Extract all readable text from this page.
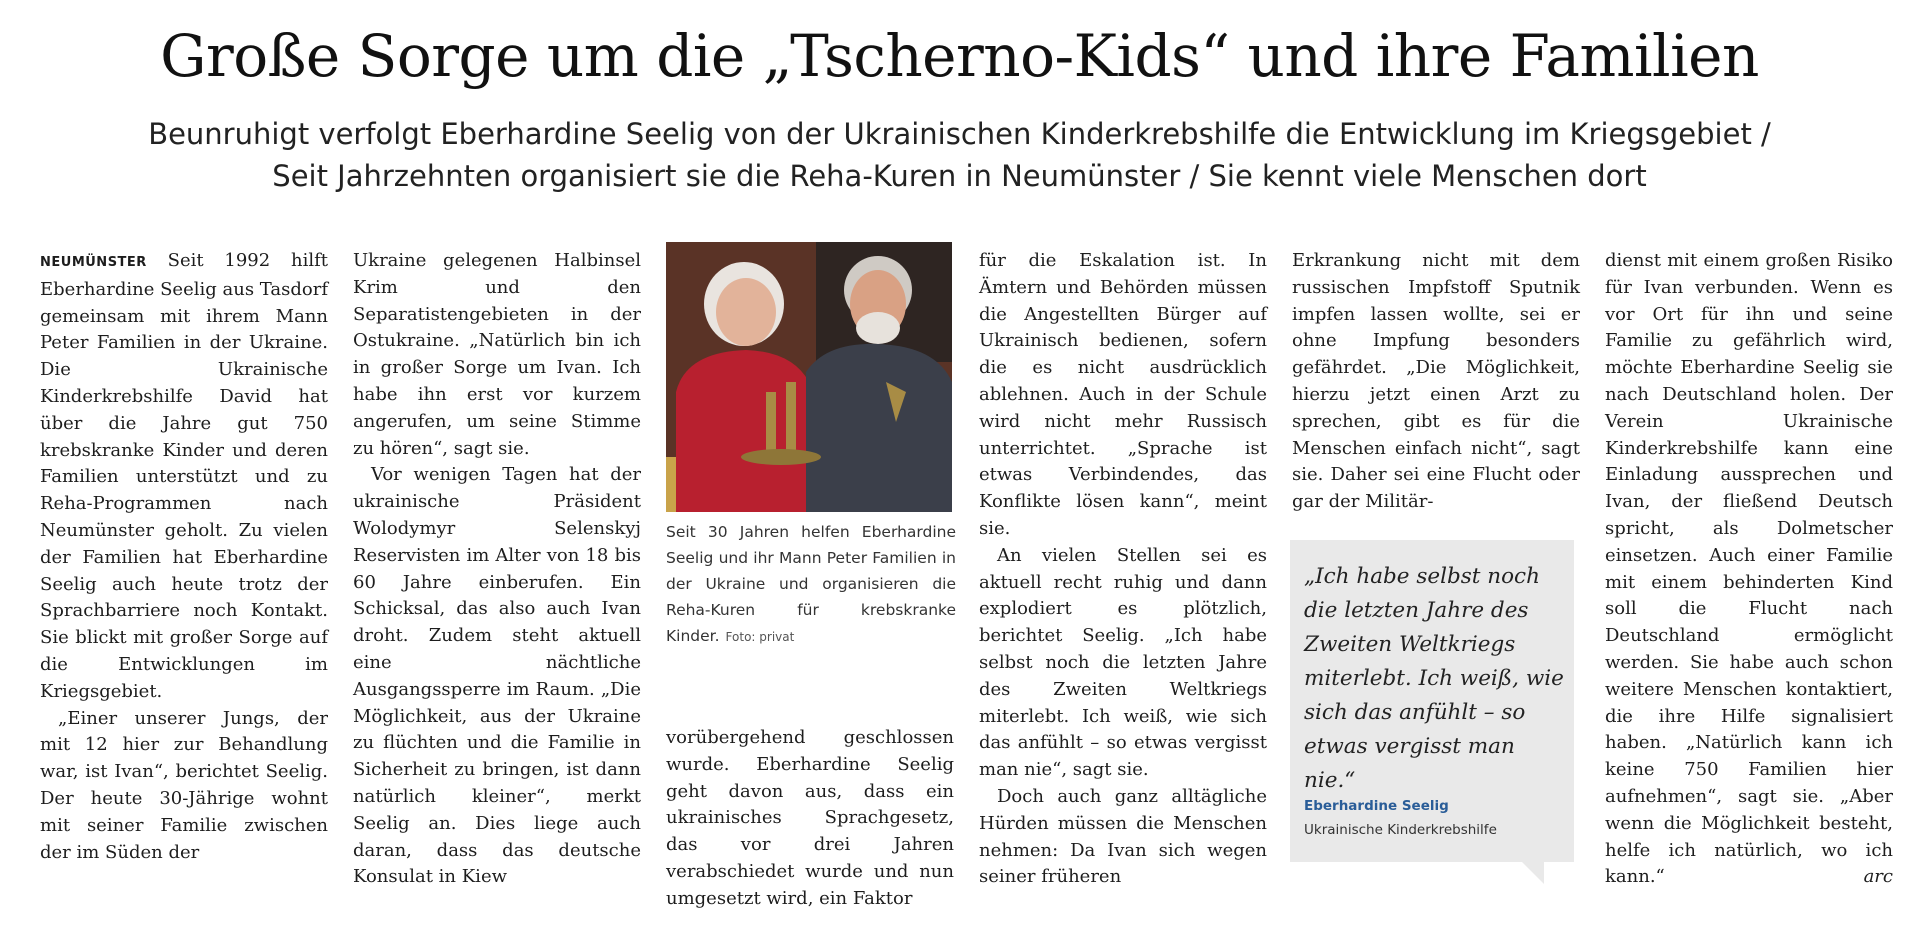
Große Sorge um die „Tscherno-Kids“ und ihre Familien

Beunruhigt verfolgt Eberhardine Seelig von der Ukrainischen Kinderkrebshilfe die Entwicklung im Kriegsgebiet /

Seit Jahrzehnten organisiert sie die Reha-Kuren in Neumünster / Sie kennt viele Menschen dort

NEUMÜNSTER Seit 1992 hilft Eberhardine Seelig aus Tasdorf gemeinsam mit ihrem Mann Peter Familien in der Ukraine. Die Ukrainische Kinderkrebshilfe David hat über die Jahre gut 750 krebskranke Kinder und deren Familien unterstützt und zu Reha-Programmen nach Neumünster geholt. Zu vielen der Familien hat Eberhardine Seelig auch heute trotz der Sprachbarriere noch Kontakt. Sie blickt mit großer Sorge auf die Entwicklungen im Kriegsgebiet.

„Einer unserer Jungs, der mit 12 hier zur Behandlung war, ist Ivan“, berichtet Seelig. Der heute 30-Jährige wohnt mit seiner Familie zwischen der im Süden der

Ukraine gelegenen Halbinsel Krim und den Separatistengebieten in der Ostukraine. „Natürlich bin ich in großer Sorge um Ivan. Ich habe ihn erst vor kurzem angerufen, um seine Stimme zu hören“, sagt sie.

Vor wenigen Tagen hat der ukrainische Präsident Wolodymyr Selenskyj Reservisten im Alter von 18 bis 60 Jahre einberufen. Ein Schicksal, das also auch Ivan droht. Zudem steht aktuell eine nächtliche Ausgangssperre im Raum. „Die Möglichkeit, aus der Ukraine zu flüchten und die Familie in Sicherheit zu bringen, ist dann natürlich kleiner“, merkt Seelig an. Dies liege auch daran, dass das deutsche Konsulat in Kiew

Seit 30 Jahren helfen Eberhardine Seelig und ihr Mann Peter Familien in der Ukraine und organisieren die Reha-Kuren für krebskranke Kinder. Foto: privat

vorübergehend geschlossen wurde. Eberhardine Seelig geht davon aus, dass ein ukrainisches Sprachgesetz, das vor drei Jahren verabschiedet wurde und nun umgesetzt wird, ein Faktor

für die Eskalation ist. In Ämtern und Behörden müssen die Angestellten Bürger auf Ukrainisch bedienen, sofern die es nicht ausdrücklich ablehnen. Auch in der Schule wird nicht mehr Russisch unterrichtet. „Sprache ist etwas Verbindendes, das Konflikte lösen kann“, meint sie.

An vielen Stellen sei es aktuell recht ruhig und dann explodiert es plötzlich, berichtet Seelig. „Ich habe selbst noch die letzten Jahre des Zweiten Weltkriegs miterlebt. Ich weiß, wie sich das anfühlt – so etwas vergisst man nie“, sagt sie.

Doch auch ganz alltägliche Hürden müssen die Menschen nehmen: Da Ivan sich wegen seiner früheren

Erkrankung nicht mit dem russischen Impfstoff Sputnik impfen lassen wollte, sei er ohne Impfung besonders gefährdet. „Die Möglichkeit, hierzu jetzt einen Arzt zu sprechen, gibt es für die Menschen einfach nicht“, sagt sie. Daher sei eine Flucht oder gar der Militär-

„Ich habe selbst noch die letzten Jahre des Zweiten Weltkriegs miterlebt. Ich weiß, wie sich das anfühlt – so etwas vergisst man nie.“
Eberhardine Seelig
Ukrainische Kinderkrebshilfe

dienst mit einem großen Risiko für Ivan verbunden. Wenn es vor Ort für ihn und seine Familie zu gefährlich wird, möchte Eberhardine Seelig sie nach Deutschland holen. Der Verein Ukrainische Kinderkrebshilfe kann eine Einladung aussprechen und Ivan, der fließend Deutsch spricht, als Dolmetscher einsetzen. Auch einer Familie mit einem behinderten Kind soll die Flucht nach Deutschland ermöglicht werden. Sie habe auch schon weitere Menschen kontaktiert, die ihre Hilfe signalisiert haben. „Natürlich kann ich keine 750 Familien hier aufnehmen“, sagt sie. „Aber wenn die Möglichkeit besteht, helfe ich natürlich, wo ich kann.“	arc
